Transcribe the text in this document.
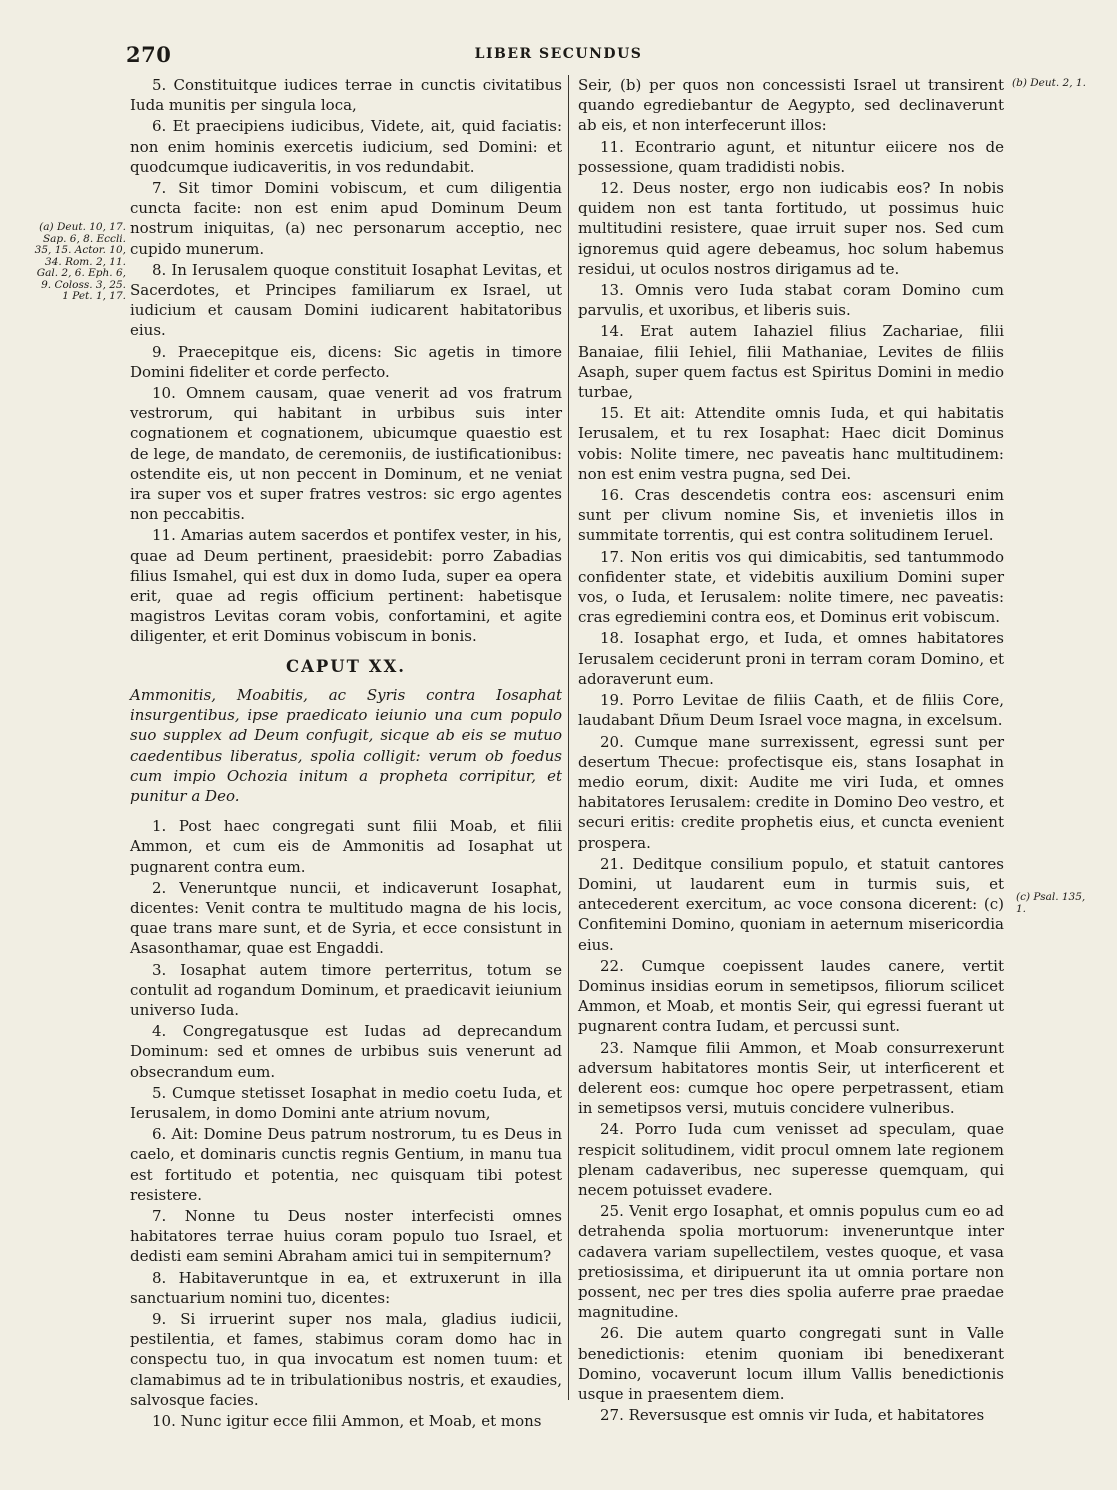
270	LIBER SECUNDUS
(a) Deut. 10, 17. Sap. 6, 8. Eccli. 35, 15. Actor. 10, 34. Rom. 2, 11. Gal. 2, 6. Eph. 6, 9. Coloss. 3, 25. 1 Pet. 1, 17.
(b) Deut. 2, 1.
(c) Psal. 135, 1.

5. Constituitque iudices terrae in cunctis civitatibus Iuda munitis per singula loca,

6. Et praecipiens iudicibus, Videte, ait, quid faciatis: non enim hominis exercetis iudicium, sed Domini: et quodcumque iudicaveritis, in vos redundabit.

7. Sit timor Domini vobiscum, et cum diligentia cuncta facite: non est enim apud Dominum Deum nostrum iniquitas, (a) nec personarum acceptio, nec cupido munerum.

8. In Ierusalem quoque constituit Iosaphat Levitas, et Sacerdotes, et Principes familiarum ex Israel, ut iudicium et causam Domini iudicarent habitatoribus eius.

9. Praecepitque eis, dicens: Sic agetis in timore Domini fideliter et corde perfecto.

10. Omnem causam, quae venerit ad vos fratrum vestrorum, qui habitant in urbibus suis inter cognationem et cognationem, ubicumque quaestio est de lege, de mandato, de ceremoniis, de iustificationibus: ostendite eis, ut non peccent in Dominum, et ne veniat ira super vos et super fratres vestros: sic ergo agentes non peccabitis.

11. Amarias autem sacerdos et pontifex vester, in his, quae ad Deum pertinent, praesidebit: porro Zabadias filius Ismahel, qui est dux in domo Iuda, super ea opera erit, quae ad regis officium pertinent: habetisque magistros Levitas coram vobis, confortamini, et agite diligenter, et erit Dominus vobiscum in bonis.

CAPUT XX.

Ammonitis, Moabitis, ac Syris contra Iosaphat insurgentibus, ipse praedicato ieiunio una cum populo suo supplex ad Deum confugit, sicque ab eis se mutuo caedentibus liberatus, spolia colligit: verum ob foedus cum impio Ochozia initum a propheta corripitur, et punitur a Deo.

1. Post haec congregati sunt filii Moab, et filii Ammon, et cum eis de Ammonitis ad Iosaphat ut pugnarent contra eum.

2. Veneruntque nuncii, et indicaverunt Iosaphat, dicentes: Venit contra te multitudo magna de his locis, quae trans mare sunt, et de Syria, et ecce consistunt in Asasonthamar, quae est Engaddi.

3. Iosaphat autem timore perterritus, totum se contulit ad rogandum Dominum, et praedicavit ieiunium universo Iuda.

4. Congregatusque est Iudas ad deprecandum Dominum: sed et omnes de urbibus suis venerunt ad obsecrandum eum.

5. Cumque stetisset Iosaphat in medio coetu Iuda, et Ierusalem, in domo Domini ante atrium novum,

6. Ait: Domine Deus patrum nostrorum, tu es Deus in caelo, et dominaris cunctis regnis Gentium, in manu tua est fortitudo et potentia, nec quisquam tibi potest resistere.

7. Nonne tu Deus noster interfecisti omnes habitatores terrae huius coram populo tuo Israel, et dedisti eam semini Abraham amici tui in sempiternum?

8. Habitaveruntque in ea, et extruxerunt in illa sanctuarium nomini tuo, dicentes:

9. Si irruerint super nos mala, gladius iudicii, pestilentia, et fames, stabimus coram domo hac in conspectu tuo, in qua invocatum est nomen tuum: et clamabimus ad te in tribulationibus nostris, et exaudies, salvosque facies.

10. Nunc igitur ecce filii Ammon, et Moab, et mons

Seir, (b) per quos non concessisti Israel ut transirent quando egrediebantur de Aegypto, sed declinaverunt ab eis, et non interfecerunt illos:

11. Econtrario agunt, et nituntur eiicere nos de possessione, quam tradidisti nobis.

12. Deus noster, ergo non iudicabis eos? In nobis quidem non est tanta fortitudo, ut possimus huic multitudini resistere, quae irruit super nos. Sed cum ignoremus quid agere debeamus, hoc solum habemus residui, ut oculos nostros dirigamus ad te.

13. Omnis vero Iuda stabat coram Domino cum parvulis, et uxoribus, et liberis suis.

14. Erat autem Iahaziel filius Zachariae, filii Banaiae, filii Iehiel, filii Mathaniae, Levites de filiis Asaph, super quem factus est Spiritus Domini in medio turbae,

15. Et ait: Attendite omnis Iuda, et qui habitatis Ierusalem, et tu rex Iosaphat: Haec dicit Dominus vobis: Nolite timere, nec paveatis hanc multitudinem: non est enim vestra pugna, sed Dei.

16. Cras descendetis contra eos: ascensuri enim sunt per clivum nomine Sis, et invenietis illos in summitate torrentis, qui est contra solitudinem Ieruel.

17. Non eritis vos qui dimicabitis, sed tantummodo confidenter state, et videbitis auxilium Domini super vos, o Iuda, et Ierusalem: nolite timere, nec paveatis: cras egrediemini contra eos, et Dominus erit vobiscum.

18. Iosaphat ergo, et Iuda, et omnes habitatores Ierusalem ceciderunt proni in terram coram Domino, et adoraverunt eum.

19. Porro Levitae de filiis Caath, et de filiis Core, laudabant Dñum Deum Israel voce magna, in excelsum.

20. Cumque mane surrexissent, egressi sunt per desertum Thecue: profectisque eis, stans Iosaphat in medio eorum, dixit: Audite me viri Iuda, et omnes habitatores Ierusalem: credite in Domino Deo vestro, et securi eritis: credite prophetis eius, et cuncta evenient prospera.

21. Deditque consilium populo, et statuit cantores Domini, ut laudarent eum in turmis suis, et antecederent exercitum, ac voce consona dicerent: (c) Confitemini Domino, quoniam in aeternum misericordia eius.

22. Cumque coepissent laudes canere, vertit Dominus insidias eorum in semetipsos, filiorum scilicet Ammon, et Moab, et montis Seir, qui egressi fuerant ut pugnarent contra Iudam, et percussi sunt.

23. Namque filii Ammon, et Moab consurrexerunt adversum habitatores montis Seir, ut interficerent et delerent eos: cumque hoc opere perpetrassent, etiam in semetipsos versi, mutuis conciderе vulneribus.

24. Porro Iuda cum venisset ad speculam, quae respicit solitudinem, vidit procul omnem late regionem plenam cadaveribus, nec superesse quemquam, qui necem potuisset evadere.

25. Venit ergo Iosaphat, et omnis populus cum eo ad detrahenda spolia mortuorum: inveneruntque inter cadavera variam supellectilem, vestes quoque, et vasa pretiosissima, et diripuerunt ita ut omnia portare non possent, nec per tres dies spolia auferre prae praedae magnitudine.

26. Die autem quarto congregati sunt in Valle benedictionis: etenim quoniam ibi benedixerant Domino, vocaverunt locum illum Vallis benedictionis usque in praesentem diem.

27. Reversusque est omnis vir Iuda, et habitatores
